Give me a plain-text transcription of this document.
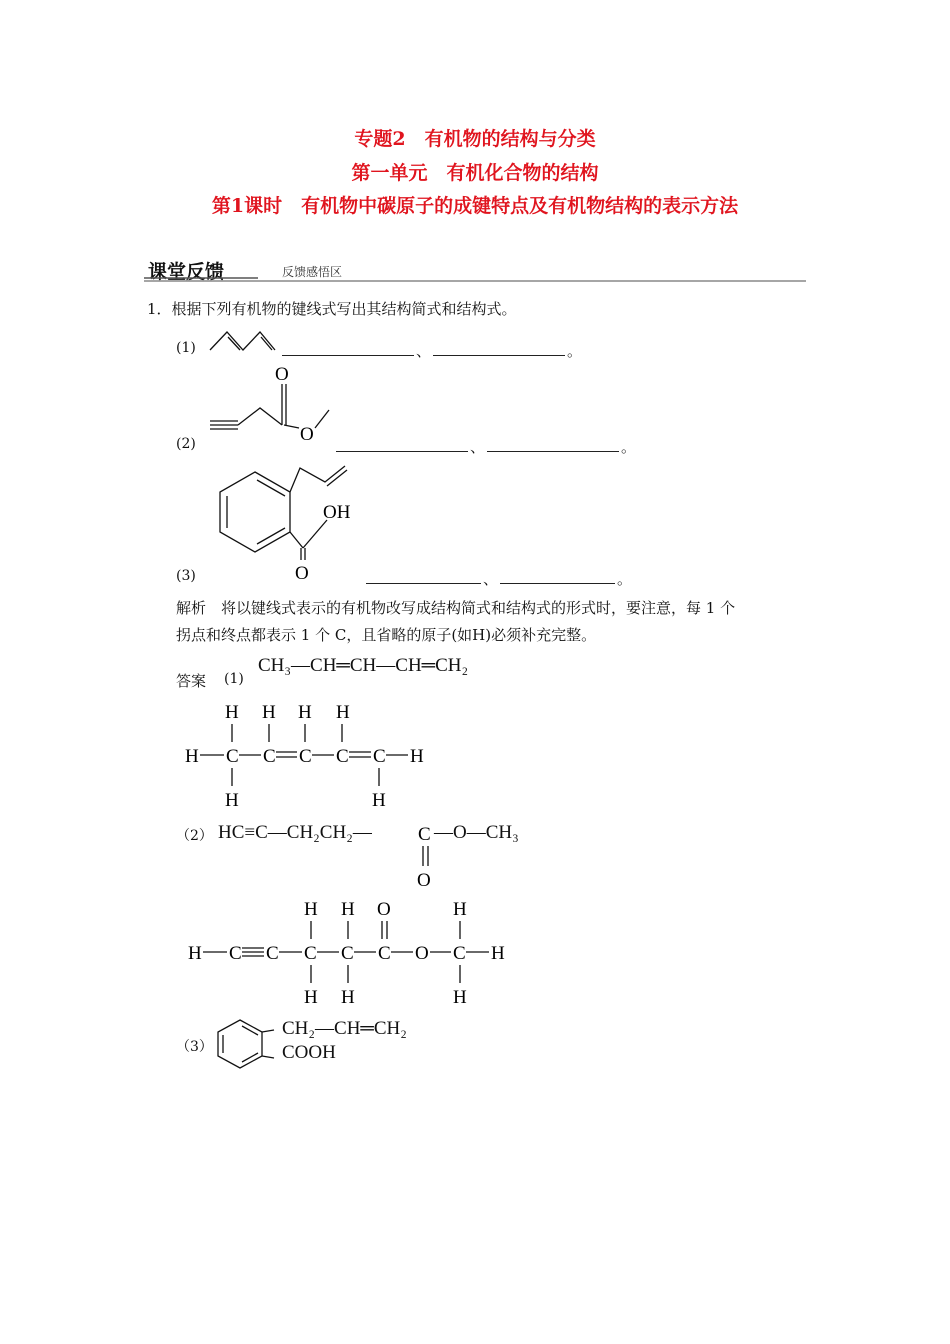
专题2　有机物的结构与分类
第一单元　有机化合物的结构
第1课时　有机物中碳原子的成键特点及有机物结构的表示方法
课堂反馈	反馈感悟区
1．根据下列有机物的键线式写出其结构简式和结构式。
(1)	、	。
(2)
O
O
、	。
(3)
OH
O	、	。
解析　将以键线式表示的有机物改写成结构简式和结构式的形式时，要注意，每 1 个
拐点和终点都表示 1 个 C，且省略的原子(如H)必须补充完整。
答案 (1)
CH₃—CH═CH—CH═CH₂
H H H H
H C C C C C H
H	H
（2） HC≡C—CH₂CH₂— C
O
—O—CH₃
H H O	H
H C C C C C O C H
H H	H
（3）
CH₂—CH═CH₂
COOH
